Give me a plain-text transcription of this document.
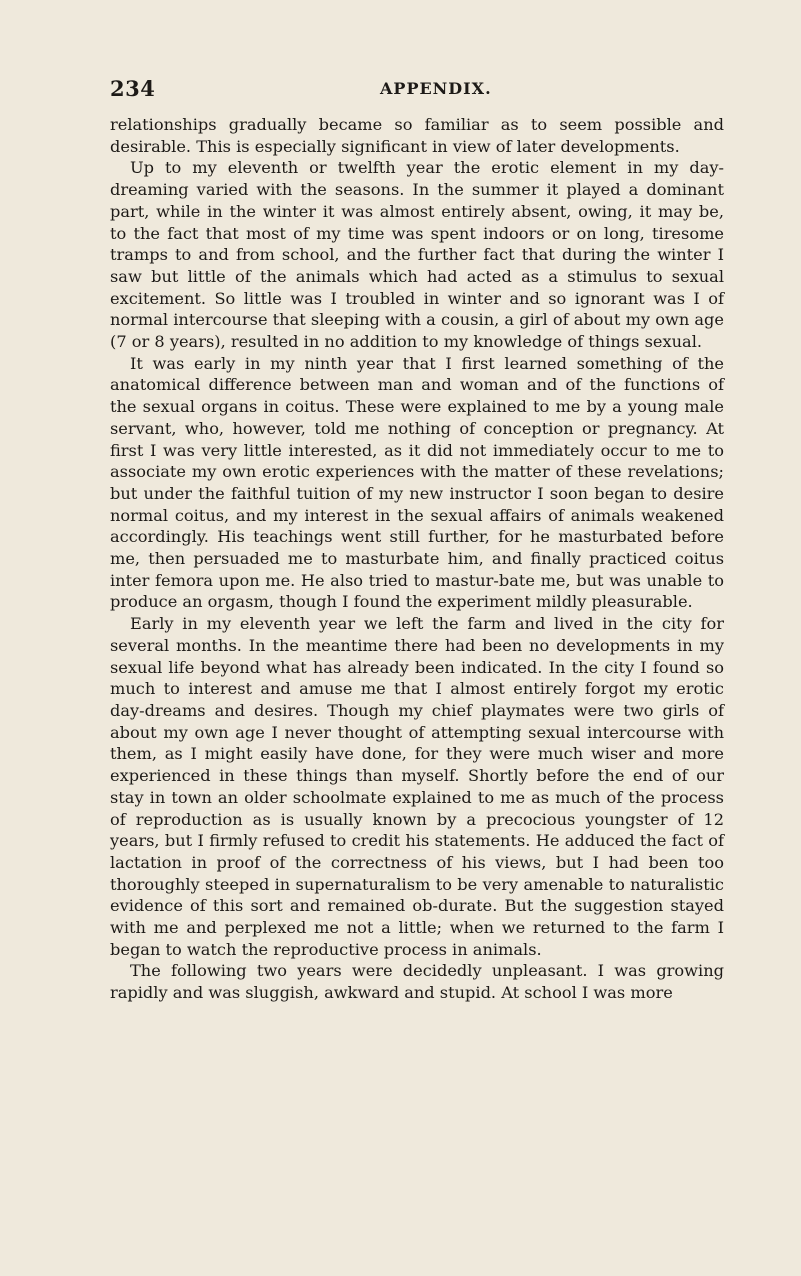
234	APPENDIX.

relationships gradually became so familiar as to seem possible and desirable. This is especially significant in view of later developments.

Up to my eleventh or twelfth year the erotic element in my day-dreaming varied with the seasons. In the summer it played a dominant part, while in the winter it was almost entirely absent, owing, it may be, to the fact that most of my time was spent indoors or on long, tiresome tramps to and from school, and the further fact that during the winter I saw but little of the animals which had acted as a stimulus to sexual excitement. So little was I troubled in winter and so ignorant was I of normal intercourse that sleeping with a cousin, a girl of about my own age (7 or 8 years), resulted in no addition to my knowledge of things sexual.

It was early in my ninth year that I first learned something of the anatomical difference between man and woman and of the functions of the sexual organs in coitus. These were explained to me by a young male servant, who, however, told me nothing of conception or pregnancy. At first I was very little interested, as it did not immediately occur to me to associate my own erotic experiences with the matter of these revelations; but under the faithful tuition of my new instructor I soon began to desire normal coitus, and my interest in the sexual affairs of animals weakened accordingly. His teachings went still further, for he masturbated before me, then persuaded me to masturbate him, and finally practiced coitus inter femora upon me. He also tried to mastur-bate me, but was unable to produce an orgasm, though I found the experiment mildly pleasurable.

Early in my eleventh year we left the farm and lived in the city for several months. In the meantime there had been no developments in my sexual life beyond what has already been indicated. In the city I found so much to interest and amuse me that I almost entirely forgot my erotic day-dreams and desires. Though my chief playmates were two girls of about my own age I never thought of attempting sexual intercourse with them, as I might easily have done, for they were much wiser and more experienced in these things than myself. Shortly before the end of our stay in town an older schoolmate explained to me as much of the process of reproduction as is usually known by a precocious youngster of 12 years, but I firmly refused to credit his statements. He adduced the fact of lactation in proof of the correctness of his views, but I had been too thoroughly steeped in supernaturalism to be very amenable to naturalistic evidence of this sort and remained ob-durate. But the suggestion stayed with me and perplexed me not a little; when we returned to the farm I began to watch the reproductive process in animals.

The following two years were decidedly unpleasant. I was growing rapidly and was sluggish, awkward and stupid. At school I was more
